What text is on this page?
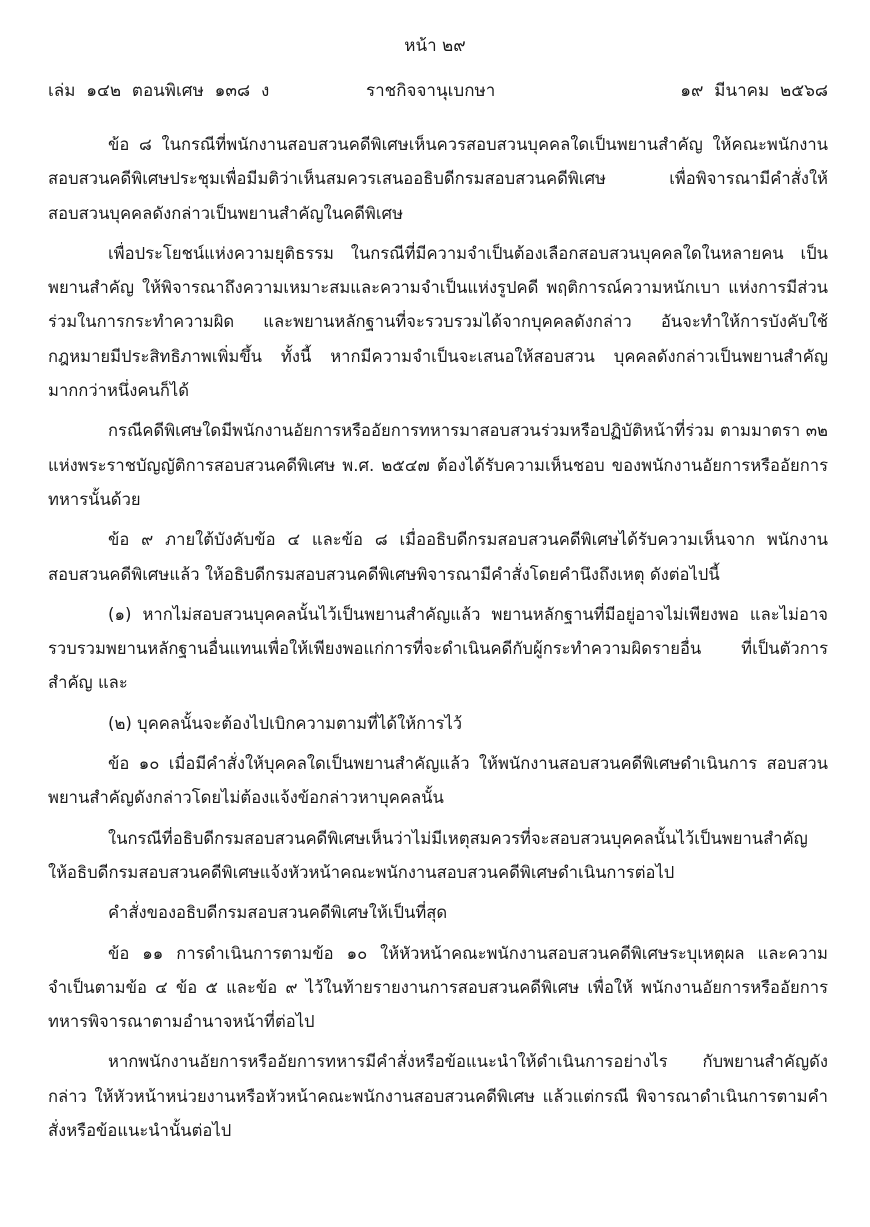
หน้า ๒๙
เล่ม  ๑๔๒  ตอนพิเศษ  ๑๓๘  ง	ราชกิจจานุเบกษา	๑๙  มีนาคม  ๒๕๖๘

ข้อ ๘ ในกรณีที่พนักงานสอบสวนคดีพิเศษเห็นควรสอบสวนบุคคลใดเป็นพยานสำคัญ ให้คณะพนักงานสอบสวนคดีพิเศษประชุมเพื่อมีมติว่าเห็นสมควรเสนออธิบดีกรมสอบสวนคดีพิเศษ เพื่อพิจารณามีคำสั่งให้สอบสวนบุคคลดังกล่าวเป็นพยานสำคัญในคดีพิเศษ

เพื่อประโยชน์แห่งความยุติธรรม ในกรณีที่มีความจำเป็นต้องเลือกสอบสวนบุคคลใดในหลายคน เป็นพยานสำคัญ ให้พิจารณาถึงความเหมาะสมและความจำเป็นแห่งรูปคดี พฤติการณ์ความหนักเบา แห่งการมีส่วนร่วมในการกระทำความผิด และพยานหลักฐานที่จะรวบรวมได้จากบุคคลดังกล่าว อันจะทำให้การบังคับใช้กฎหมายมีประสิทธิภาพเพิ่มขึ้น ทั้งนี้ หากมีความจำเป็นจะเสนอให้สอบสวน บุคคลดังกล่าวเป็นพยานสำคัญมากกว่าหนึ่งคนก็ได้

กรณีคดีพิเศษใดมีพนักงานอัยการหรืออัยการทหารมาสอบสวนร่วมหรือปฏิบัติหน้าที่ร่วม ตามมาตรา ๓๒ แห่งพระราชบัญญัติการสอบสวนคดีพิเศษ พ.ศ. ๒๕๔๗ ต้องได้รับความเห็นชอบ ของพนักงานอัยการหรืออัยการทหารนั้นด้วย

ข้อ ๙ ภายใต้บังคับข้อ ๔ และข้อ ๘ เมื่ออธิบดีกรมสอบสวนคดีพิเศษได้รับความเห็นจาก พนักงานสอบสวนคดีพิเศษแล้ว ให้อธิบดีกรมสอบสวนคดีพิเศษพิจารณามีคำสั่งโดยคำนึงถึงเหตุ ดังต่อไปนี้

(๑) หากไม่สอบสวนบุคคลนั้นไว้เป็นพยานสำคัญแล้ว พยานหลักฐานที่มีอยู่อาจไม่เพียงพอ และไม่อาจรวบรวมพยานหลักฐานอื่นแทนเพื่อให้เพียงพอแก่การที่จะดำเนินคดีกับผู้กระทำความผิดรายอื่น ที่เป็นตัวการสำคัญ และ

(๒) บุคคลนั้นจะต้องไปเบิกความตามที่ได้ให้การไว้

ข้อ ๑๐ เมื่อมีคำสั่งให้บุคคลใดเป็นพยานสำคัญแล้ว ให้พนักงานสอบสวนคดีพิเศษดำเนินการ สอบสวนพยานสำคัญดังกล่าวโดยไม่ต้องแจ้งข้อกล่าวหาบุคคลนั้น

ในกรณีที่อธิบดีกรมสอบสวนคดีพิเศษเห็นว่าไม่มีเหตุสมควรที่จะสอบสวนบุคคลนั้นไว้เป็นพยานสำคัญ ให้อธิบดีกรมสอบสวนคดีพิเศษแจ้งหัวหน้าคณะพนักงานสอบสวนคดีพิเศษดำเนินการต่อไป

คำสั่งของอธิบดีกรมสอบสวนคดีพิเศษให้เป็นที่สุด

ข้อ ๑๑ การดำเนินการตามข้อ ๑๐ ให้หัวหน้าคณะพนักงานสอบสวนคดีพิเศษระบุเหตุผล และความจำเป็นตามข้อ ๔ ข้อ ๕ และข้อ ๙ ไว้ในท้ายรายงานการสอบสวนคดีพิเศษ เพื่อให้ พนักงานอัยการหรืออัยการทหารพิจารณาตามอำนาจหน้าที่ต่อไป

หากพนักงานอัยการหรืออัยการทหารมีคำสั่งหรือข้อแนะนำให้ดำเนินการอย่างไร กับพยานสำคัญดังกล่าว ให้หัวหน้าหน่วยงานหรือหัวหน้าคณะพนักงานสอบสวนคดีพิเศษ แล้วแต่กรณี พิจารณาดำเนินการตามคำสั่งหรือข้อแนะนำนั้นต่อไป
